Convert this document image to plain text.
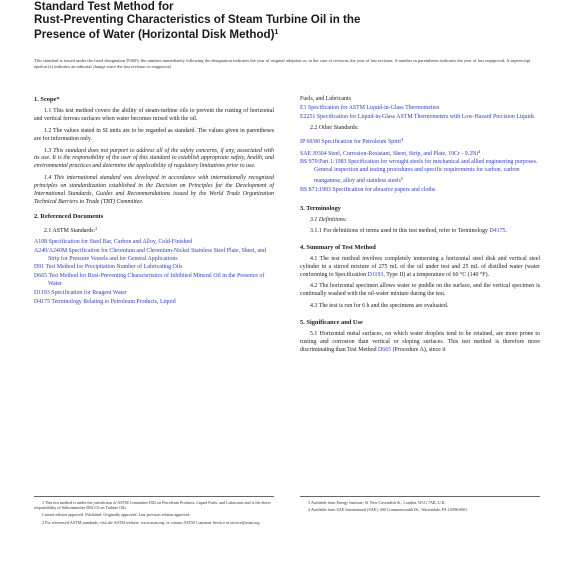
Standard Test Method for

Rust-Preventing Characteristics of Steam Turbine Oil in the

Presence of Water (Horizontal Disk Method)$^1$

This standard is issued under the fixed designation D3603; the number immediately following the designation indicates the year of original adoption or, in the case of revision, the year of last revision. A number in parentheses indicates the year of last reapproval. A superscript epsilon (ε) indicates an editorial change since the last revision or reapproval.
1. Scope*

1.1 This test method covers the ability of steam-turbine oils to prevent the rusting of horizontal and vertical ferrous surfaces when water becomes mixed with the oil.

1.2 The values stated in SI units are to be regarded as standard. The values given in parentheses are for information only.

1.3 This standard does not purport to address all of the safety concerns, if any, associated with its use. It is the responsibility of the user of this standard to establish appropriate safety, health, and environmental practices and determine the applicability of regulatory limitations prior to use.

1.4 This international standard was developed in accordance with internationally recognized principles on standardization established in the Decision on Principles for the Development of International Standards, Guides and Recommendations issued by the World Trade Organization Technical Barriers to Trade (TBT) Committee.

2. Referenced Documents

2.1 ASTM Standards:$^2$

A108 Specification for Steel Bar, Carbon and Alloy, Cold-Finished

A240/A240M Specification for Chromium and Chromium-Nickel Stainless Steel Plate, Sheet, and Strip for Pressure Vessels and for General Applications

D91 Test Method for Precipitation Number of Lubricating Oils

D665 Test Method for Rust-Preventing Characteristics of Inhibited Mineral Oil in the Presence of Water

D1193 Specification for Reagent Water

D4175 Terminology Relating to Petroleum Products, Liquid

Fuels, and Lubricants

E1 Specification for ASTM Liquid-in-Glass Thermometers

E2251 Specification for Liquid-in-Glass ASTM Thermometers with Low-Hazard Precision Liquids

2.2 Other Standards:

IP 60/80 Specification for Petroleum Spirit$^3$

SAE J0304 Steel, Corrosion-Resistant, Sheet, Strip, and Plate, 19Cr - 9.2Ni$^4$

BS 970:Part 1:1983 Specification for wrought steels for mechanical and allied engineering purposes. General inspection and testing procedures and specific requirements for carbon, carbon manganese, alloy and stainless steels$^5$

BS 871:1983 Specification for abrasive papers and cloths

3. Terminology

3.1 Definitions:

3.1.1 For definitions of terms used in this test method, refer to Terminology D4175.

4. Summary of Test Method

4.1 The test method involves completely immersing a horizontal steel disk and vertical steel cylinder in a stirred mixture of 275 mL of the oil under test and 25 mL of distilled water (water conforming to Specification D1193, Type II) at a temperature of 60 °C (140 °F).

4.2 The horizontal specimen allows water to puddle on the surface, and the vertical specimen is continually washed with the oil-water mixture during the test.

4.3 The test is run for 6 h and the specimens are evaluated.

5. Significance and Use

5.1 Horizontal metal surfaces, on which water droplets tend to be retained, are more prone to rusting and corrosion than vertical or sloping surfaces. This test method is therefore more discriminating than Test Method D665 (Procedure A), since it

1 This test method is under the jurisdiction of ASTM Committee D02 on Petroleum Products, Liquid Fuels, and Lubricants and is the direct responsibility of Subcommittee D02.C0 on Turbine Oils.

Current edition approved. Published. Originally approved. Last previous edition approved.

2 For referenced ASTM standards, visit the ASTM website, www.astm.org, or contact ASTM Customer Service at service@astm.org.

3 Available from Energy Institute, 61 New Cavendish St., London, W1G 7AR, U.K.

4 Available from SAE International (SAE), 400 Commonwealth Dr., Warrendale, PA 15096-0001.
